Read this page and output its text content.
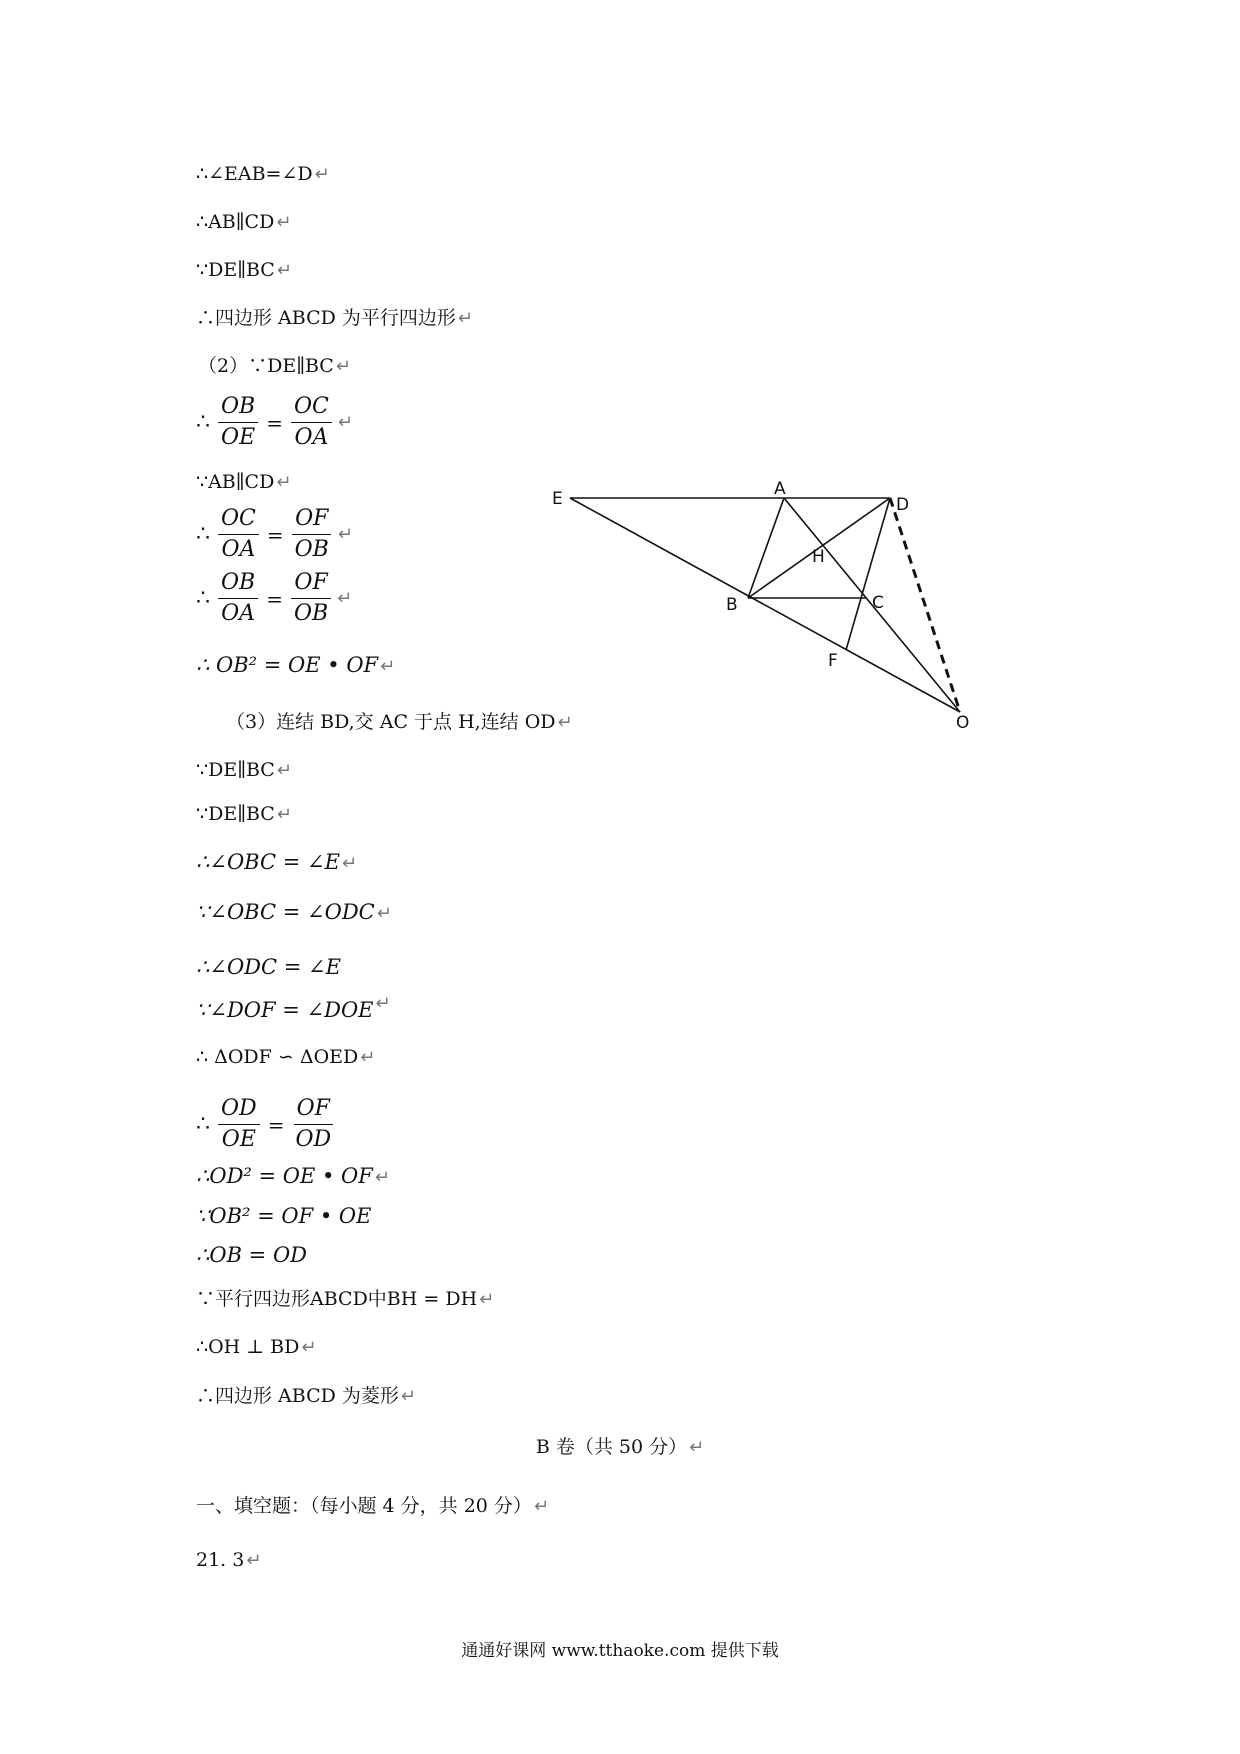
∴∠EAB=∠D ↵
∴AB∥CD ↵
∵DE∥BC ↵
∴四边形 ABCD 为平行四边形 ↵
（2）∵DE∥BC ↵
∴ $\frac{OB}{OE} = \frac{OC}{OA}$ ↵
∵AB∥CD ↵
∴ $\frac{OC}{OA} = \frac{OF}{OB}$ ↵
∴ $\frac{OB}{OA} = \frac{OF}{OB}$ ↵
∴ OB² = OE • OF ↵
（3）连结 BD,交 AC 于点 H,连结 OD ↵
∵DE∥BC ↵
∵DE∥BC ↵
∴∠OBC = ∠E ↵
∵∠OBC = ∠ODC ↵
∴∠ODC = ∠E
∵∠DOF = ∠DOE ↵
∴ ΔODF ∽ ΔOED ↵
∴ $\frac{OD}{OE} = \frac{OF}{OD}$
∴OD² = OE • OF ↵
∵OB² = OF • OE
∴OB = OD
∵平行四边形ABCD中BH = DH ↵
∴OH ⊥ BD ↵
∴四边形 ABCD 为菱形 ↵
B 卷（共 50 分） ↵
一、填空题：（每小题 4 分，共 20 分） ↵
21. 3 ↵
通通好课网 www.tthaoke.com 提供下载
E	A
D
H
B	C
F
O
